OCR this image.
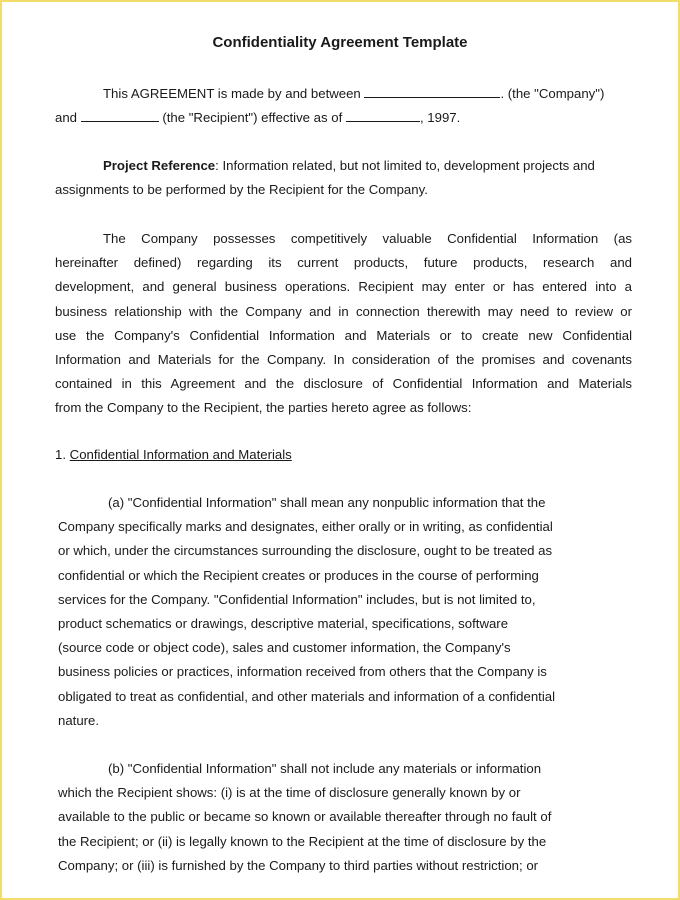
Confidentiality Agreement Template
This AGREEMENT is made by and between	. (the "Company")
and	(the "Recipient") effective as of	, 1997.
Project Reference: Information related, but not limited to, development projects and
assignments to be performed by the Recipient for the Company.
The Company possesses competitively valuable Confidential Information (as
hereinafter defined) regarding its current products, future products, research and
development, and general business operations. Recipient may enter or has entered into a
business relationship with the Company and in connection therewith may need to review or
use the Company's Confidential Information and Materials or to create new Confidential
Information and Materials for the Company. In consideration of the promises and covenants
contained in this Agreement and the disclosure of Confidential Information and Materials
from the Company to the Recipient, the parties hereto agree as follows:
1. Confidential Information and Materials
(a) "Confidential Information" shall mean any nonpublic information that the
Company specifically marks and designates, either orally or in writing, as confidential
or which, under the circumstances surrounding the disclosure, ought to be treated as
confidential or which the Recipient creates or produces in the course of performing
services for the Company. "Confidential Information" includes, but is not limited to,
product schematics or drawings, descriptive material, specifications, software
(source code or object code), sales and customer information, the Company's
business policies or practices, information received from others that the Company is
obligated to treat as confidential, and other materials and information of a confidential
nature.
(b) "Confidential Information" shall not include any materials or information
which the Recipient shows: (i) is at the time of disclosure generally known by or
available to the public or became so known or available thereafter through no fault of
the Recipient; or (ii) is legally known to the Recipient at the time of disclosure by the
Company; or (iii) is furnished by the Company to third parties without restriction; or
